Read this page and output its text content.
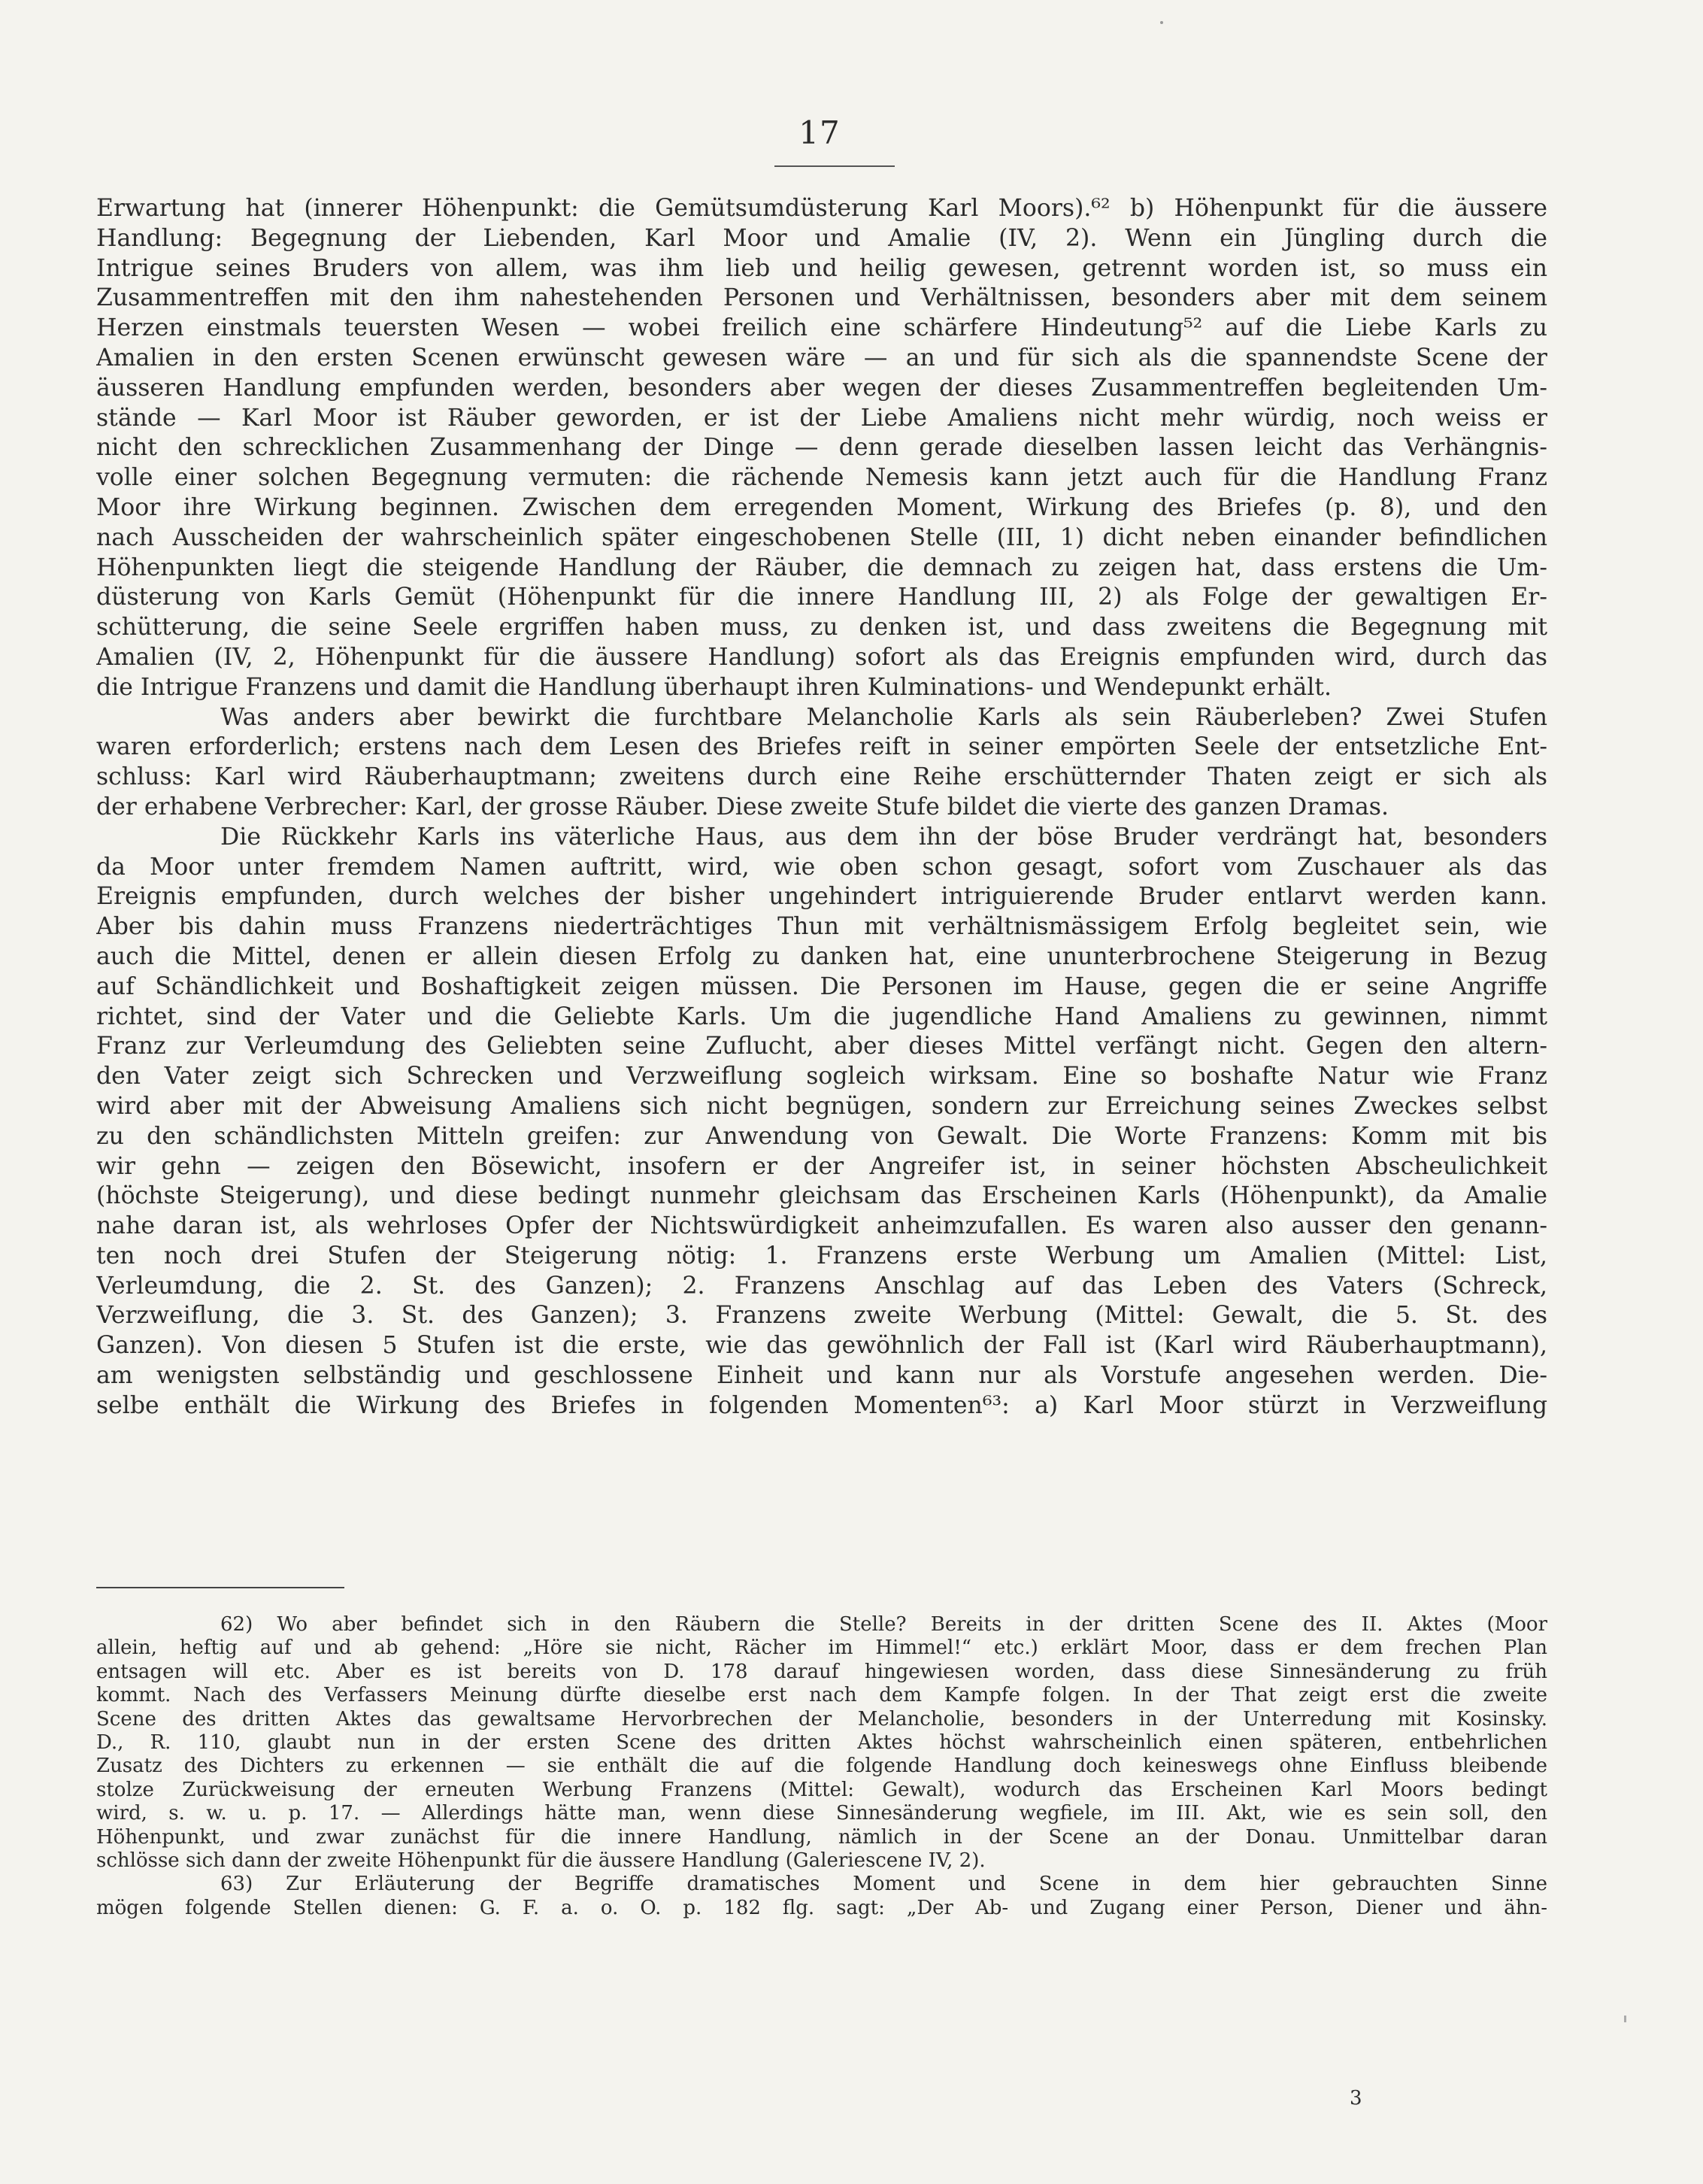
17
Erwartung hat (innerer Höhenpunkt: die Gemütsumdüsterung Karl Moors).⁶² b) Höhenpunkt für die äussere
Handlung: Begegnung der Liebenden, Karl Moor und Amalie (IV, 2). Wenn ein Jüngling durch die
Intrigue seines Bruders von allem, was ihm lieb und heilig gewesen, getrennt worden ist, so muss ein
Zusammentreffen mit den ihm nahestehenden Personen und Verhältnissen, besonders aber mit dem seinem
Herzen einstmals teuersten Wesen — wobei freilich eine schärfere Hindeutung⁵² auf die Liebe Karls zu
Amalien in den ersten Scenen erwünscht gewesen wäre — an und für sich als die spannendste Scene der
äusseren Handlung empfunden werden, besonders aber wegen der dieses Zusammentreffen begleitenden Um-
stände — Karl Moor ist Räuber geworden, er ist der Liebe Amaliens nicht mehr würdig, noch weiss er
nicht den schrecklichen Zusammenhang der Dinge — denn gerade dieselben lassen leicht das Verhängnis-
volle einer solchen Begegnung vermuten: die rächende Nemesis kann jetzt auch für die Handlung Franz
Moor ihre Wirkung beginnen. Zwischen dem erregenden Moment, Wirkung des Briefes (p. 8), und den
nach Ausscheiden der wahrscheinlich später eingeschobenen Stelle (III, 1) dicht neben einander befindlichen
Höhenpunkten liegt die steigende Handlung der Räuber, die demnach zu zeigen hat, dass erstens die Um-
düsterung von Karls Gemüt (Höhenpunkt für die innere Handlung III, 2) als Folge der gewaltigen Er-
schütterung, die seine Seele ergriffen haben muss, zu denken ist, und dass zweitens die Begegnung mit
Amalien (IV, 2, Höhenpunkt für die äussere Handlung) sofort als das Ereignis empfunden wird, durch das
die Intrigue Franzens und damit die Handlung überhaupt ihren Kulminations- und Wendepunkt erhält.
Was anders aber bewirkt die furchtbare Melancholie Karls als sein Räuberleben? Zwei Stufen
waren erforderlich; erstens nach dem Lesen des Briefes reift in seiner empörten Seele der entsetzliche Ent-
schluss: Karl wird Räuberhauptmann; zweitens durch eine Reihe erschütternder Thaten zeigt er sich als
der erhabene Verbrecher: Karl, der grosse Räuber. Diese zweite Stufe bildet die vierte des ganzen Dramas.
Die Rückkehr Karls ins väterliche Haus, aus dem ihn der böse Bruder verdrängt hat, besonders
da Moor unter fremdem Namen auftritt, wird, wie oben schon gesagt, sofort vom Zuschauer als das
Ereignis empfunden, durch welches der bisher ungehindert intriguierende Bruder entlarvt werden kann.
Aber bis dahin muss Franzens niederträchtiges Thun mit verhältnismässigem Erfolg begleitet sein, wie
auch die Mittel, denen er allein diesen Erfolg zu danken hat, eine ununterbrochene Steigerung in Bezug
auf Schändlichkeit und Boshaftigkeit zeigen müssen. Die Personen im Hause, gegen die er seine Angriffe
richtet, sind der Vater und die Geliebte Karls. Um die jugendliche Hand Amaliens zu gewinnen, nimmt
Franz zur Verleumdung des Geliebten seine Zuflucht, aber dieses Mittel verfängt nicht. Gegen den altern-
den Vater zeigt sich Schrecken und Verzweiflung sogleich wirksam. Eine so boshafte Natur wie Franz
wird aber mit der Abweisung Amaliens sich nicht begnügen, sondern zur Erreichung seines Zweckes selbst
zu den schändlichsten Mitteln greifen: zur Anwendung von Gewalt. Die Worte Franzens: Komm mit bis
wir gehn — zeigen den Bösewicht, insofern er der Angreifer ist, in seiner höchsten Abscheulichkeit
(höchste Steigerung), und diese bedingt nunmehr gleichsam das Erscheinen Karls (Höhenpunkt), da Amalie
nahe daran ist, als wehrloses Opfer der Nichtswürdigkeit anheimzufallen. Es waren also ausser den genann-
ten noch drei Stufen der Steigerung nötig: 1. Franzens erste Werbung um Amalien (Mittel: List,
Verleumdung, die 2. St. des Ganzen); 2. Franzens Anschlag auf das Leben des Vaters (Schreck,
Verzweiflung, die 3. St. des Ganzen); 3. Franzens zweite Werbung (Mittel: Gewalt, die 5. St. des
Ganzen). Von diesen 5 Stufen ist die erste, wie das gewöhnlich der Fall ist (Karl wird Räuberhauptmann),
am wenigsten selbständig und geschlossene Einheit und kann nur als Vorstufe angesehen werden. Die-
selbe enthält die Wirkung des Briefes in folgenden Momenten⁶³: a) Karl Moor stürzt in Verzweiflung
62) Wo aber befindet sich in den Räubern die Stelle? Bereits in der dritten Scene des II. Aktes (Moor
allein, heftig auf und ab gehend: „Höre sie nicht, Rächer im Himmel!“ etc.) erklärt Moor, dass er dem frechen Plan
entsagen will etc. Aber es ist bereits von D. 178 darauf hingewiesen worden, dass diese Sinnesänderung zu früh
kommt. Nach des Verfassers Meinung dürfte dieselbe erst nach dem Kampfe folgen. In der That zeigt erst die zweite
Scene des dritten Aktes das gewaltsame Hervorbrechen der Melancholie, besonders in der Unterredung mit Kosinsky.
D., R. 110, glaubt nun in der ersten Scene des dritten Aktes höchst wahrscheinlich einen späteren, entbehrlichen
Zusatz des Dichters zu erkennen — sie enthält die auf die folgende Handlung doch keineswegs ohne Einfluss bleibende
stolze Zurückweisung der erneuten Werbung Franzens (Mittel: Gewalt), wodurch das Erscheinen Karl Moors bedingt
wird, s. w. u. p. 17. — Allerdings hätte man, wenn diese Sinnesänderung wegfiele, im III. Akt, wie es sein soll, den
Höhenpunkt, und zwar zunächst für die innere Handlung, nämlich in der Scene an der Donau. Unmittelbar daran
schlösse sich dann der zweite Höhenpunkt für die äussere Handlung (Galeriescene IV, 2).
63) Zur Erläuterung der Begriffe dramatisches Moment und Scene in dem hier gebrauchten Sinne
mögen folgende Stellen dienen: G. F. a. o. O. p. 182 flg. sagt: „Der Ab- und Zugang einer Person, Diener und ähn-
3
